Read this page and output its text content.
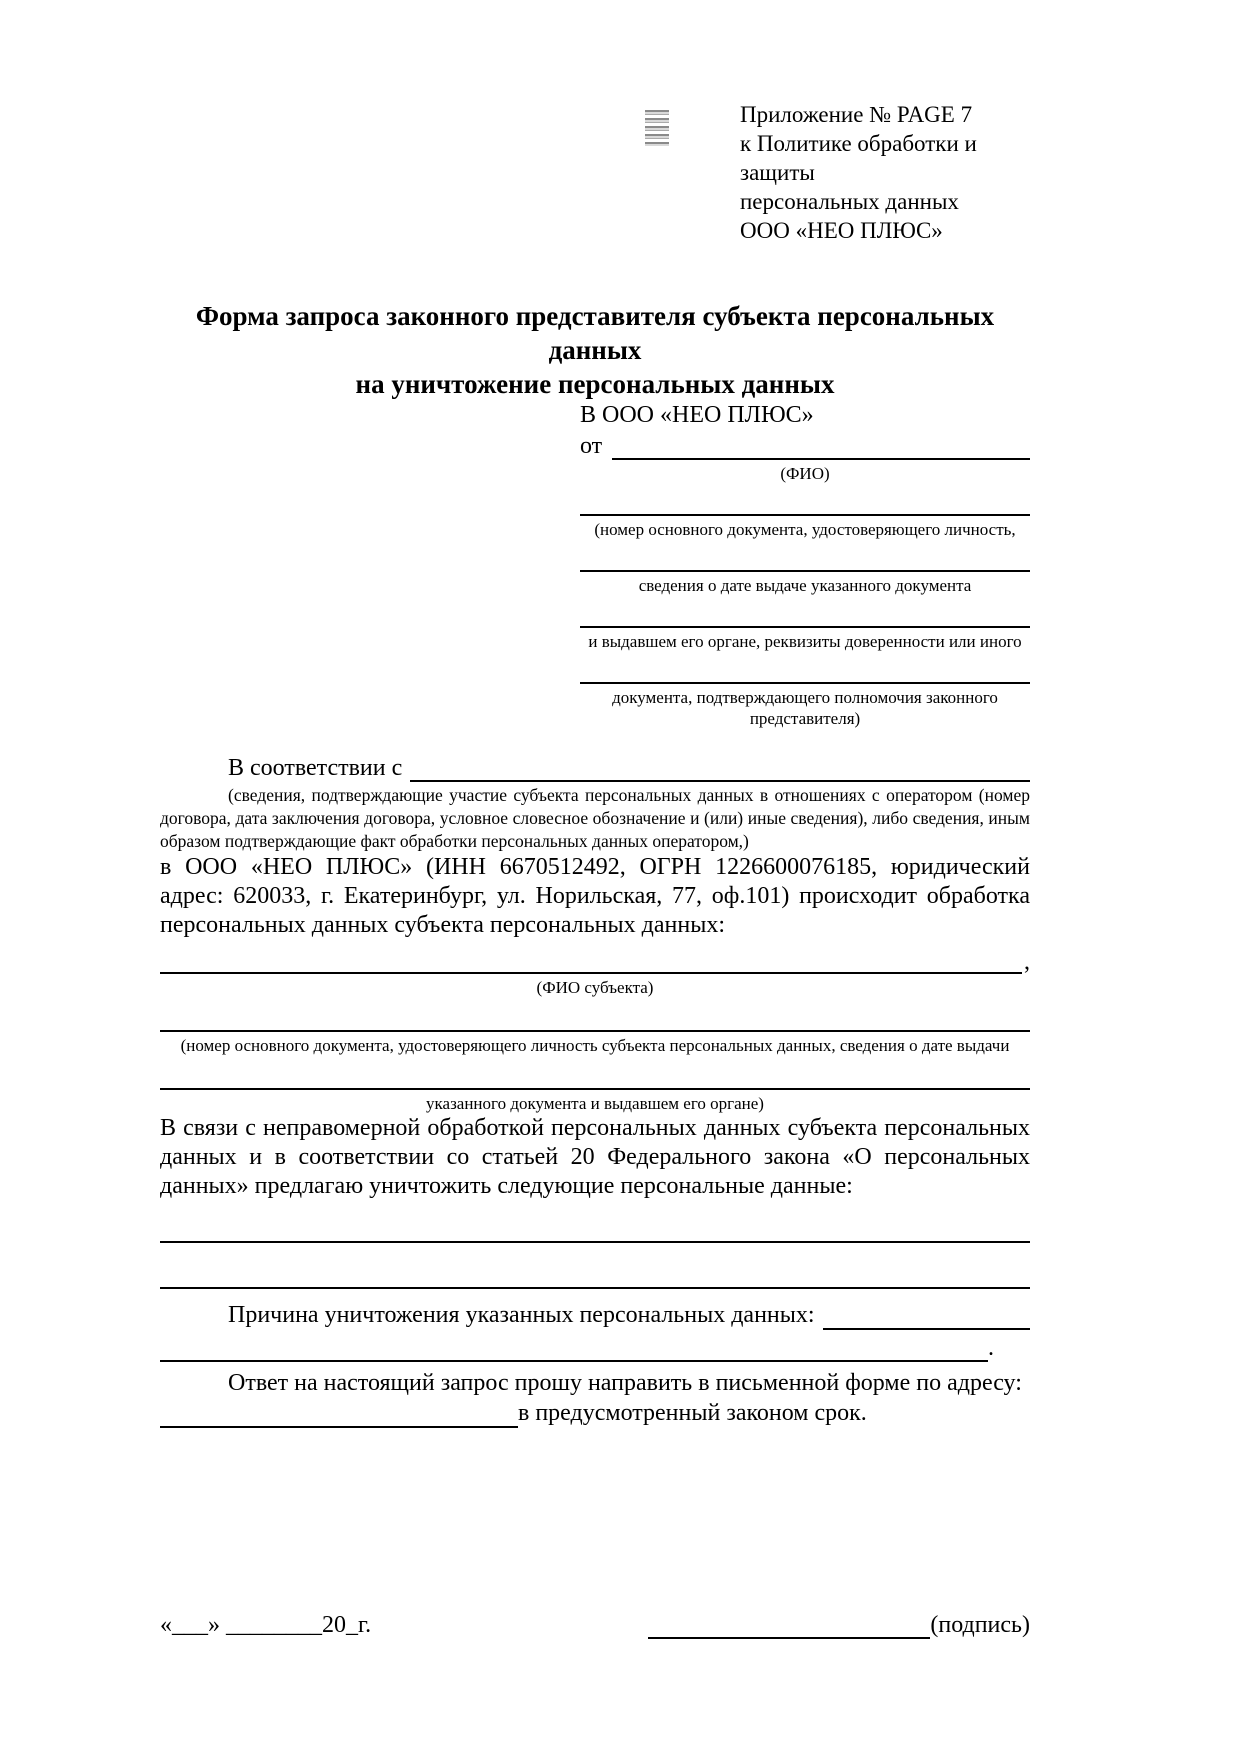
Приложение № PAGE 7
к Политике обработки и защиты
персональных данных
ООО «НЕО ПЛЮС»
Форма запроса законного представителя субъекта персональных данных
на уничтожение персональных данных
В ООО «НЕО ПЛЮС»
от
(ФИО)
(номер основного документа, удостоверяющего личность,
сведения о дате выдаче указанного документа
и выдавшем его органе, реквизиты доверенности или иного
документа, подтверждающего полномочия законного представителя)
В соответствии с
(сведения, подтверждающие участие субъекта персональных данных в отношениях с оператором (номер договора, дата заключения договора, условное словесное обозначение и (или) иные сведения), либо сведения, иным образом подтверждающие факт обработки персональных данных оператором,)
в ООО «НЕО ПЛЮС» (ИНН 6670512492, ОГРН 1226600076185, юридический адрес: 620033, г. Екатеринбург, ул. Норильская, 77, оф.101) происходит обработка персональных данных субъекта персональных данных:
,
(ФИО субъекта)
(номер основного документа, удостоверяющего личность субъекта персональных данных, сведения о дате выдачи
указанного документа и выдавшем его органе)
В связи с неправомерной обработкой персональных данных субъекта персональных данных и в соответствии со статьей 20 Федерального закона «О персональных данных» предлагаю уничтожить следующие персональные данные:
Причина уничтожения указанных персональных данных:
.
Ответ на настоящий запрос прошу направить в письменной форме по адресу:
в предусмотренный законом срок.
«___» ________20_г.	(подпись)
